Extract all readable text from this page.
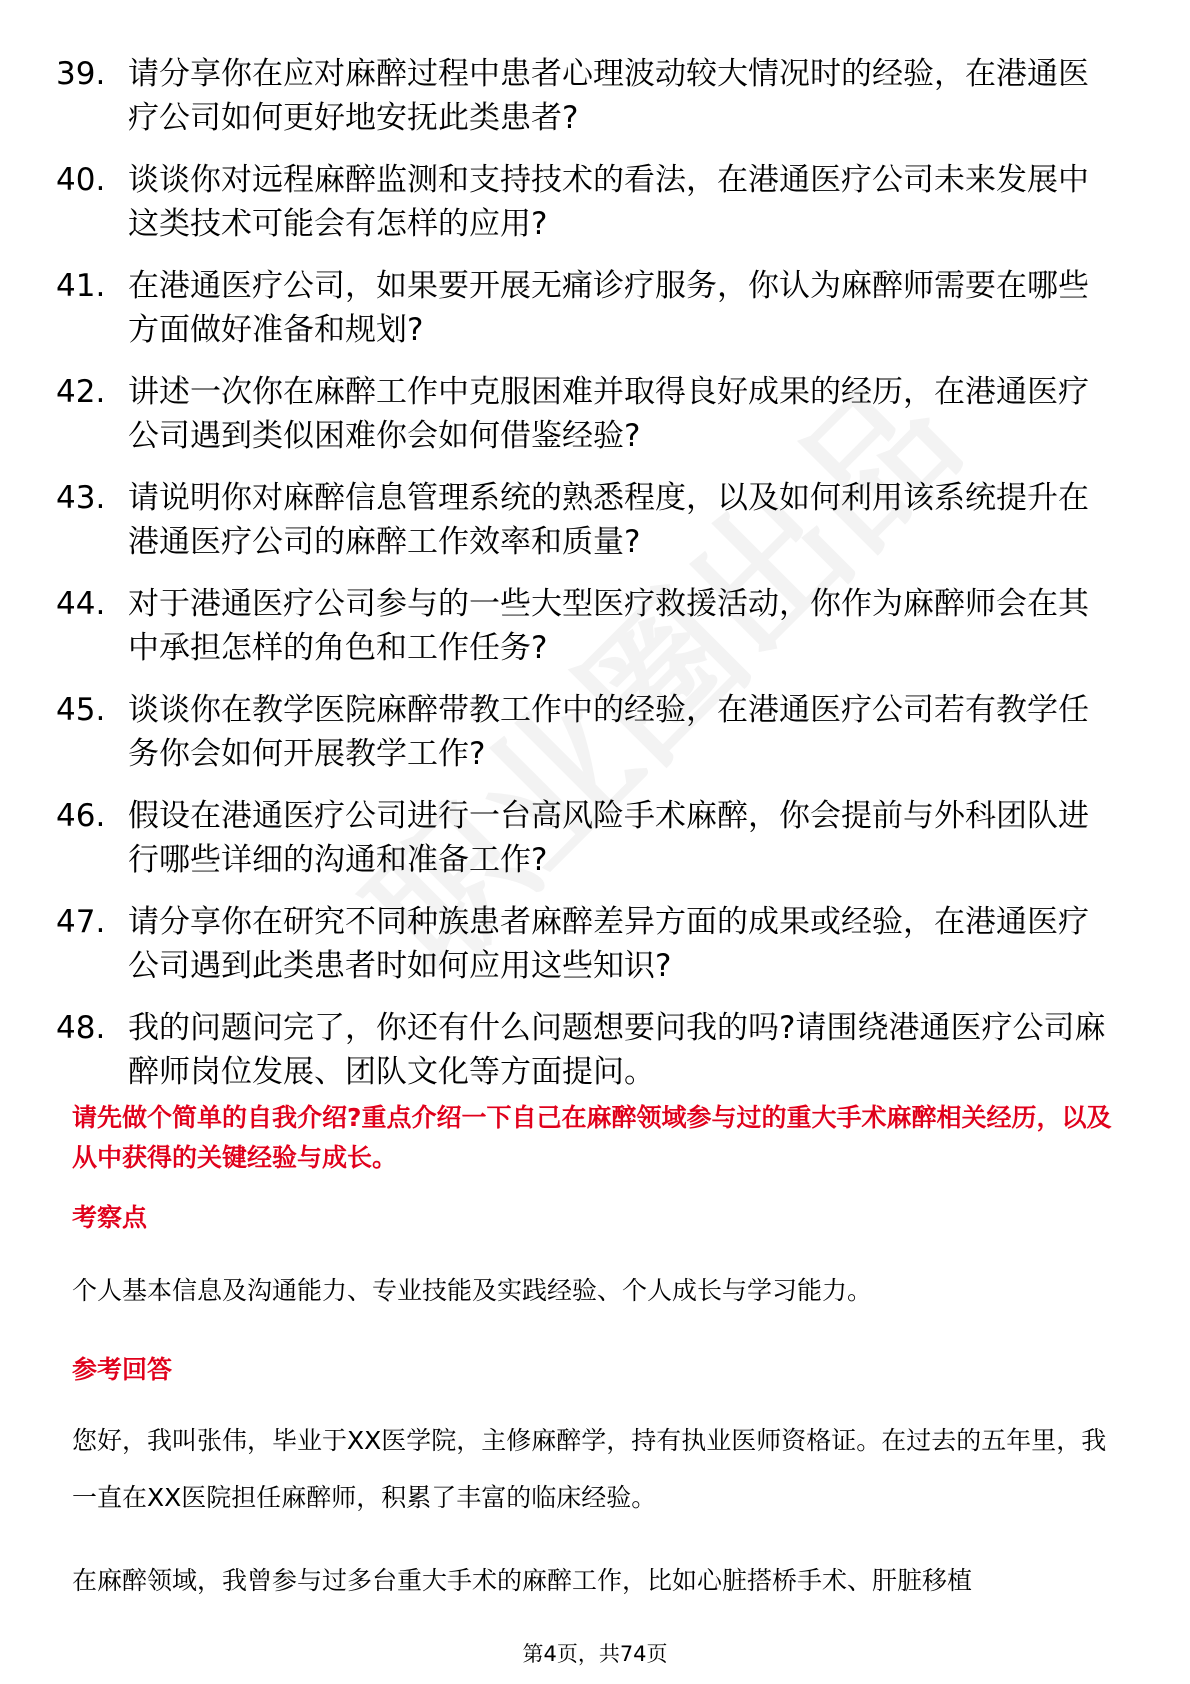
39. 请分享你在应对麻醉过程中患者心理波动较大情况时的经验，在港通医疗公司如何更好地安抚此类患者?
40. 谈谈你对远程麻醉监测和支持技术的看法，在港通医疗公司未来发展中这类技术可能会有怎样的应用?
41. 在港通医疗公司，如果要开展无痛诊疗服务，你认为麻醉师需要在哪些方面做好准备和规划?
42. 讲述一次你在麻醉工作中克服困难并取得良好成果的经历，在港通医疗公司遇到类似困难你会如何借鉴经验?
43. 请说明你对麻醉信息管理系统的熟悉程度，以及如何利用该系统提升在港通医疗公司的麻醉工作效率和质量?
44. 对于港通医疗公司参与的一些大型医疗救援活动，你作为麻醉师会在其中承担怎样的角色和工作任务?
45. 谈谈你在教学医院麻醉带教工作中的经验，在港通医疗公司若有教学任务你会如何开展教学工作?
46. 假设在港通医疗公司进行一台高风险手术麻醉，你会提前与外科团队进行哪些详细的沟通和准备工作?
47. 请分享你在研究不同种族患者麻醉差异方面的成果或经验，在港通医疗公司遇到此类患者时如何应用这些知识?
48. 我的问题问完了，你还有什么问题想要问我的吗?请围绕港通医疗公司麻醉师岗位发展、团队文化等方面提问。
请先做个简单的自我介绍?重点介绍一下自己在麻醉领域参与过的重大手术麻醉相关经历，以及从中获得的关键经验与成长。
考察点
个人基本信息及沟通能力、专业技能及实践经验、个人成长与学习能力。
参考回答
您好，我叫张伟，毕业于XX医学院，主修麻醉学，持有执业医师资格证。在过去的五年里，我一直在XX医院担任麻醉师，积累了丰富的临床经验。
在麻醉领域，我曾参与过多台重大手术的麻醉工作，比如心脏搭桥手术、肝脏移植
第4页，共74页
